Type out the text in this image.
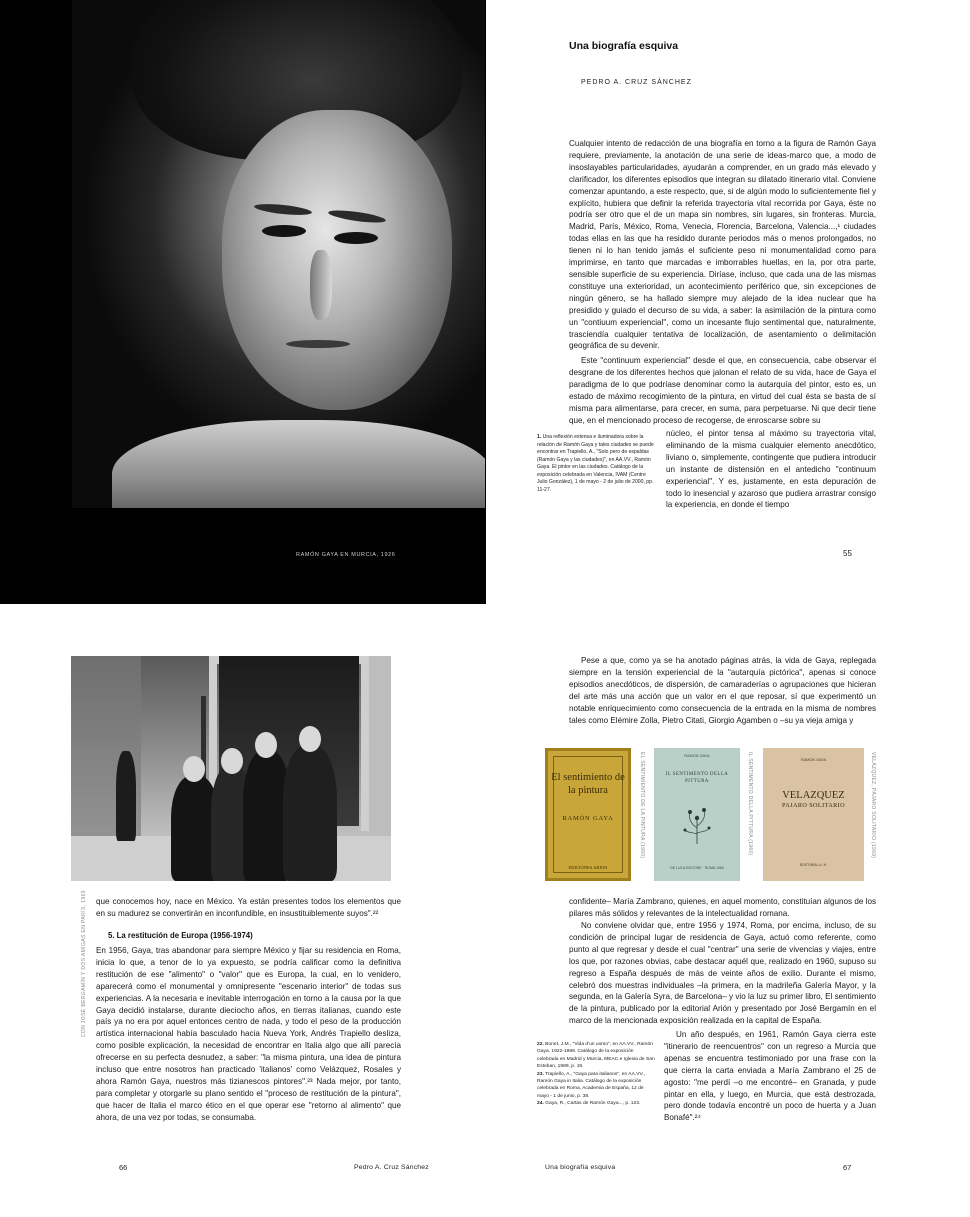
RAMÓN GAYA EN MURCIA, 1926
Una biografía esquiva
PEDRO A. CRUZ SÁNCHEZ

Cualquier intento de redacción de una biografía en torno a la figura de Ramón Gaya requiere, previamente, la anotación de una serie de ideas-marco que, a modo de insoslayables particularidades, ayudarán a comprender, en un grado más elevado y clarificador, los diferentes episodios que integran su dilatado itinerario vital. Conviene comenzar apuntando, a este respecto, que, si de algún modo lo suficientemente fiel y explícito, hubiera que definir la referida trayectoria vital recorrida por Gaya, éste no podría ser otro que el de un mapa sin nombres, sin lugares, sin fronteras. Murcia, Madrid, París, México, Roma, Venecia, Florencia, Barcelona, Valencia...,¹ ciudades todas ellas en las que ha residido durante periodos más o menos prolongados, no tienen ni lo han tenido jamás el suficiente peso ni monumentalidad como para imprimirse, en tanto que marcadas e imborrables huellas, en la, por otra parte, sensible superficie de su experiencia. Diríase, incluso, que cada una de las mismas constituye una exterioridad, un acontecimiento periférico que, sin excepciones de ningún género, se ha hallado siempre muy alejado de la idea nuclear que ha presidido y guiado el decurso de su vida, a saber: la asimilación de la pintura como un "contiuum experiencial", como un incesante flujo sentimental que, naturalmente, trasciendía cualquier tentativa de localización, de asentamiento o delimitación geográfica de su devenir.

Este "continuum experiencial" desde el que, en consecuencia, cabe observar el desgrane de los diferentes hechos que jalonan el relato de su vida, hace de Gaya el paradigma de lo que podríase denominar como la autarquía del pintor, esto es, un estado de máximo recogimiento de la pintura, en virtud del cual ésta se basta de sí misma para alimentarse, para crecer, en suma, para perpetuarse. Ni que decir tiene que, en el mencionado proceso de recogerse, de enroscarse sobre su

núcleo, el pintor tensa al máximo su trayectoria vital, eliminando de la misma cualquier elemento anecdótico, liviano o, simplemente, contingente que pudiera introducir un instante de distensión en el antedicho "continuum experiencial". Y es, justamente, en esta depuración de todo lo inesencial y azaroso que pudiera arrastrar consigo la experiencia, en donde el tiempo

1. Una reflexión extensa e iluminadora sobre la relación de Ramón Gaya y tales ciudades se puede encontrar en Trapiello, A., "Solo pero de espaldas (Ramón Gaya y las ciudades)", en AA.VV., Ramón Gaya. El pintor en las ciudades. Catálogo de la exposición celebrada en Valencia, IVAM (Centre Julio González), 1 de mayo - 2 de julio de 2000, pp. 11-27.
55
CON JOSÉ BERGAMÍN Y DOS AMIGAS EN PARÍS, 1969 que conocemos hoy, nace en México. Ya están presentes todos los elementos que en su madurez se convertirán en inconfundible, en insustituiblemente suyos".²²

5. La restitución de Europa (1956-1974)

En 1956, Gaya, tras abandonar para siempre México y fijar su residencia en Roma, inicia lo que, a tenor de lo ya expuesto, se podría calificar como la definitiva restitución de ese "alimento" o "valor" que es Europa, la cual, en lo venidero, aparecerá como el monumental y omnipresente "escenario interior" de todas sus experiencias. A la necesaria e inevitable interrogación en torno a la causa por la que Gaya decidió instalarse, durante dieciocho años, en tierras italianas, cuando este país ya no era por aquel entonces centro de nada, y todo el peso de la producción artística internacional había basculado hacia Nueva York, Andrés Trapiello desliza, como posible explicación, la necesidad de encontrar en Italia algo que allí parecía ofrecerse en su perfecta desnudez, a saber: "la misma pintura, una idea de pintura incluso que entre nosotros han practicado 'italianos' como Velázquez, Rosales y ahora Ramón Gaya, nuestros más tizianescos pintores".²³ Nada mejor, por tanto, para completar y otorgarle su plano sentido el "proceso de restitución de la pintura", que hacer de Italia el marco ético en el que operar ese "retorno al alimento" que ahora, de una vez por todas, se consumaba.

66	Pedro A. Cruz Sánchez

Pese a que, como ya se ha anotado páginas atrás, la vida de Gaya, replegada siempre en la tensión experiencial de la "autarquía pictórica", apenas si conoce episodios anecdóticos, de dispersión, de camaraderías o agrupaciones que hicieran del arte más una acción que un valor en el que reposar, sí que experimentó un notable enriquecimiento como consecuencia de la entrada en la misma de nombres tales como Elémire Zolla, Pietro Citati, Giorgio Agamben o –su ya vieja amiga y

El sentimiento de la pintura
RAMÓN GAYA
EDICIONES ARION
EL SENTIMIENTO DE LA PINTURA (1960)	RAMÓN GAYA
IL SENTIMENTO DELLA PITTURA
DE LUCA EDITORE · ROMA 1960
IL SENTIMENTO DELLA PITTURA (1960)	RAMÓN GAYA
VELAZQUEZ
PAJARO SOLITARIO
EDITORIAL A. H.
VELÁZQUEZ, PÁJARO SOLITARIO (1969)

confidente– María Zambrano, quienes, en aquel momento, constituían algunos de los pilares más sólidos y relevantes de la intelectualidad romana.

No conviene olvidar que, entre 1956 y 1974, Roma, por encima, incluso, de su condición de principal lugar de residencia de Gaya, actuó como referente, como punto al que regresar y desde el cual "centrar" una serie de vivencias y viajes, entre los que, por razones obvias, cabe destacar aquél que, realizado en 1960, supuso su regreso a España después de más de veinte años de exilio. Durante el mismo, celebró dos muestras individuales –la primera, en la madrileña Galería Mayor, y la segunda, en la Galería Syra, de Barcelona– y vio la luz su primer libro, El sentimiento de la pintura, publicado por la editorial Arión y presentado por José Bergamín en el marco de la mencionada exposición realizada en la capital de España.

Un año después, en 1961, Ramón Gaya cierra este "itinerario de reencuentros" con un regreso a Murcia que apenas se encuentra testimoniado por una frase con la que cierra la carta enviada a María Zambrano el 25 de agosto: "me perdí –o me encontré– en Granada, y pude pintar en ella, y luego, en Murcia, que está destrozada, pero donde todavía encontré un poco de huerta y a Juan Bonafé".²⁴

22. Bonet, J.M., "Vida d'un uomo", en AA.VV., Ramón Gaya. 1922-1988. Catálogo de la exposición celebrada en Madrid y Murcia, MEAC e Iglesia de San Esteban, 1989, p. 19.
23. Trapiello, A., "Gaya para italianos", en AA.VV., Ramón Gaya in Italia. Catálogo de la exposición celebrada en Roma, Academia de España, 12 de mayo - 1 de junio, p. 38.
24. Gaya, R., Cartas de Ramón Gaya..., p. 123.
Una biografía esquiva	67
